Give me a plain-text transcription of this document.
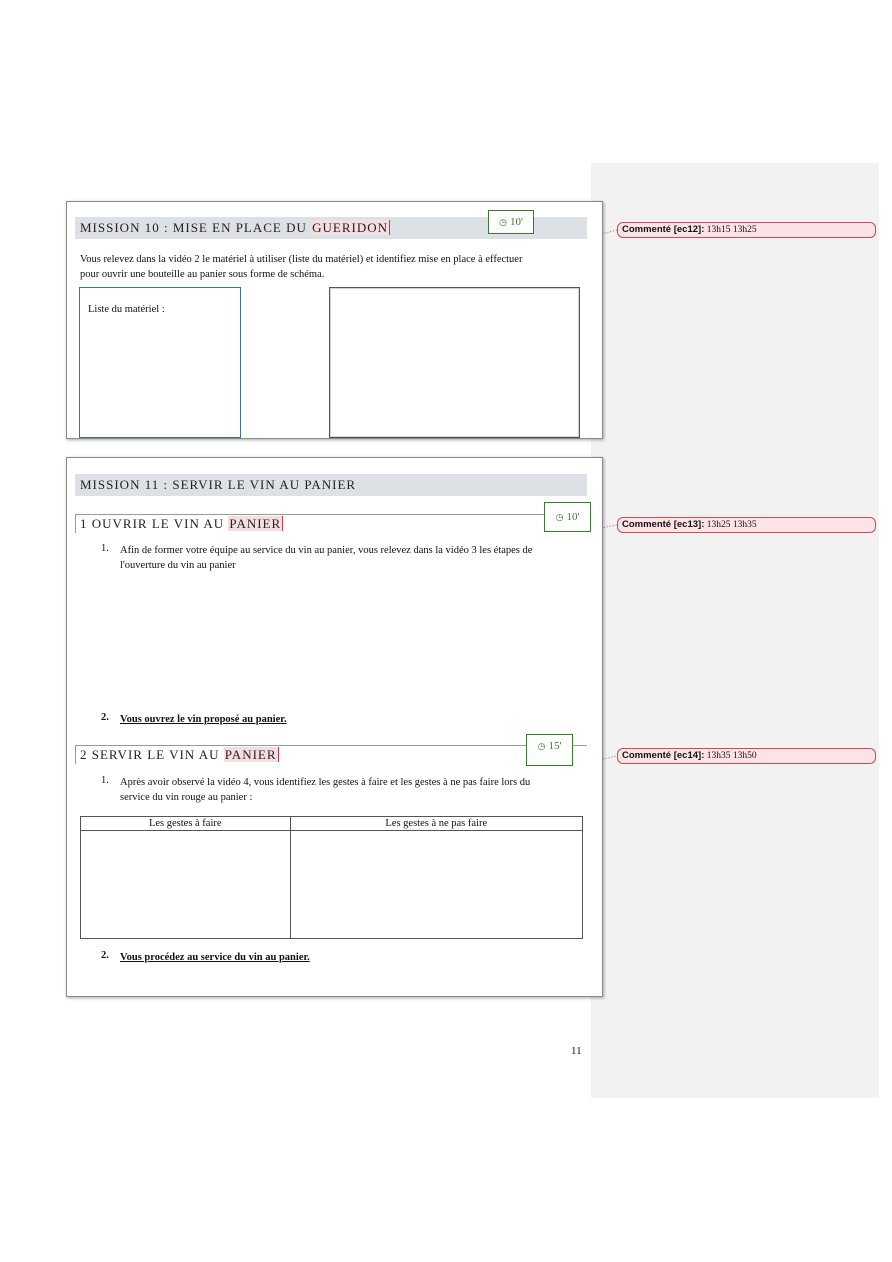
MISSION 10 : MISE EN PLACE DU GUERIDON	◷ 10'
Vous relevez dans la vidéo 2 le matériel à utiliser (liste du matériel) et identifiez mise en place à effectuer
pour ouvrir une bouteille au panier sous forme de schéma.
Liste du matériel :
MISSION 11 : SERVIR LE VIN AU PANIER
1 OUVRIR LE VIN AU PANIER	◷ 10'
1. Afin de former votre équipe au service du vin au panier, vous relevez dans la vidéo 3 les étapes de
l'ouverture du vin au panier
2. Vous ouvrez le vin proposé au panier.
2 SERVIR LE VIN AU PANIER
◷ 15'
1. Après avoir observé la vidéo 4, vous identifiez les gestes à faire et les gestes à ne pas faire lors du
service du vin rouge au panier :
Les gestes à faire	Les gestes à ne pas faire

2. Vous procédez au service du vin au panier.
Commenté [ec12]: 13h15 13h25
Commenté [ec13]: 13h25 13h35
Commenté [ec14]: 13h35 13h50
11
